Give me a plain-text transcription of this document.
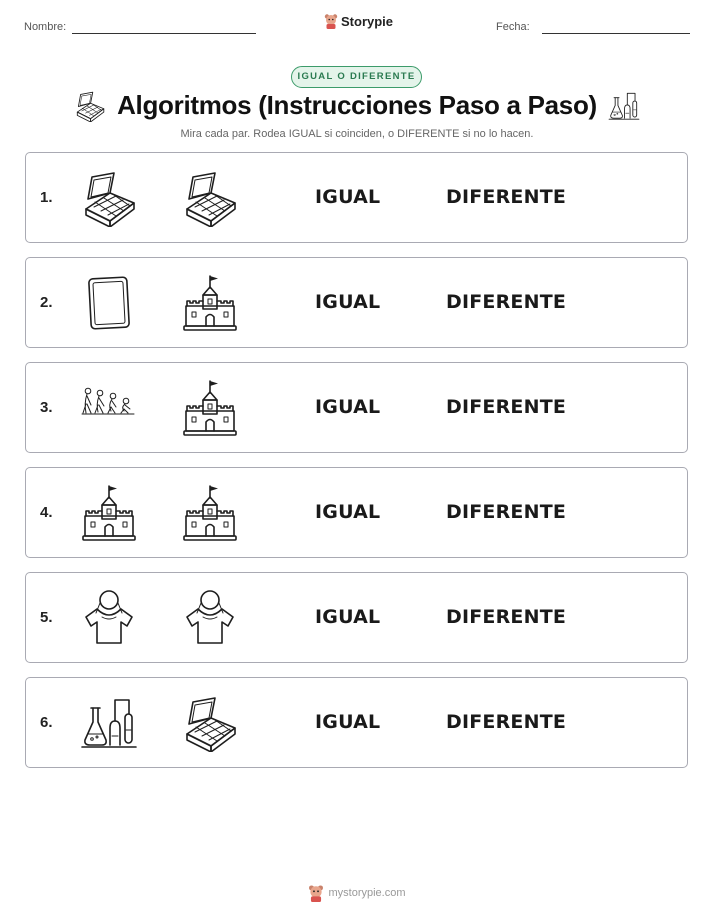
Nombre:	Storypie	Fecha:
IGUAL O DIFERENTE
Algoritmos (Instrucciones Paso a Paso)
Mira cada par. Rodea IGUAL si coinciden, o DIFERENTE si no lo hacen.
1.	IGUAL	DIFERENTE
2.	IGUAL	DIFERENTE
3.	IGUAL	DIFERENTE
4.	IGUAL	DIFERENTE
5.	IGUAL	DIFERENTE
6.	IGUAL	DIFERENTE
mystorypie.com
